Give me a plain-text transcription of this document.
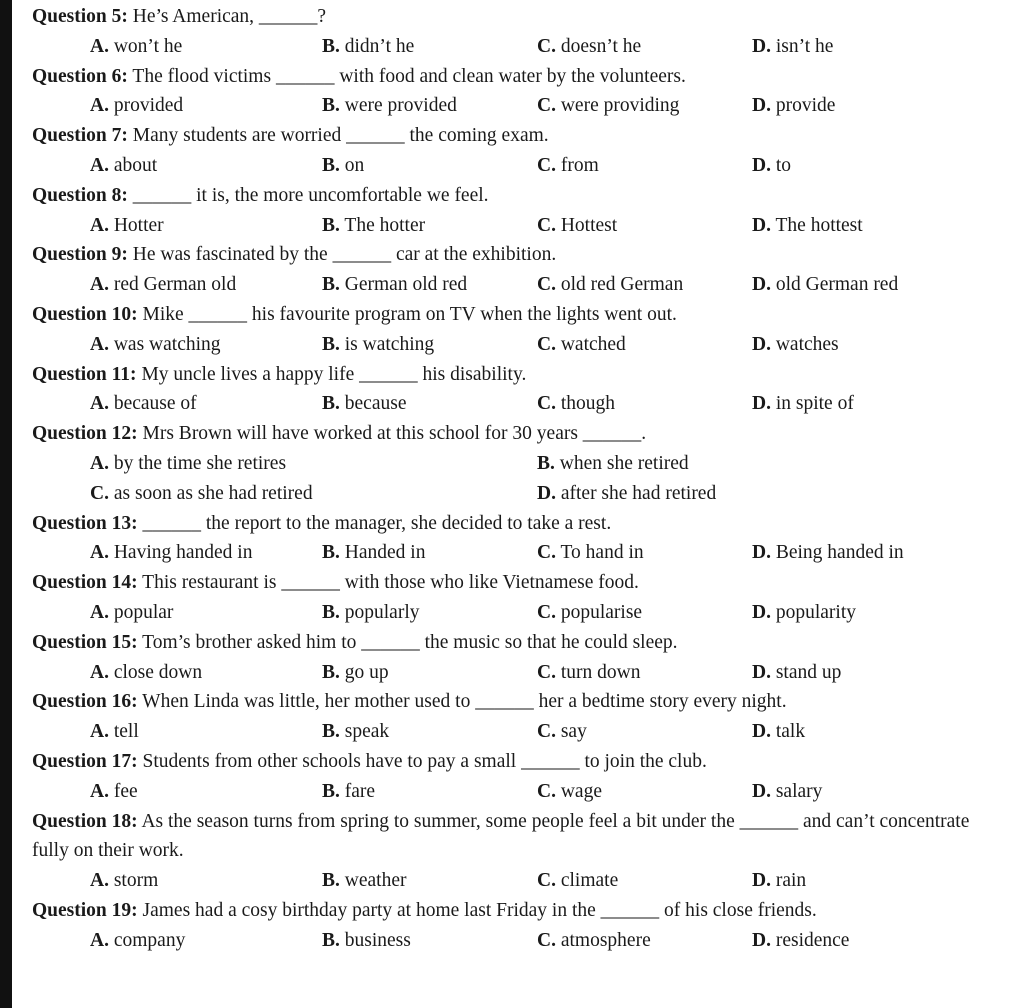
Question 5: He’s American, ______?
A. won’t he	B. didn’t he	C. doesn’t he	D. isn’t he
Question 6: The flood victims ______ with food and clean water by the volunteers.
A. provided	B. were provided	C. were providing	D. provide
Question 7: Many students are worried ______ the coming exam.
A. about	B. on	C. from	D. to
Question 8: ______ it is, the more uncomfortable we feel.
A. Hotter	B. The hotter	C. Hottest	D. The hottest
Question 9: He was fascinated by the ______ car at the exhibition.
A. red German old	B. German old red	C. old red German	D. old German red
Question 10: Mike ______ his favourite program on TV when the lights went out.
A. was watching	B. is watching	C. watched	D. watches
Question 11: My uncle lives a happy life ______ his disability.
A. because of	B. because	C. though	D. in spite of
Question 12: Mrs Brown will have worked at this school for 30 years ______.
A. by the time she retires	B. when she retired
C. as soon as she had retired	D. after she had retired
Question 13: ______ the report to the manager, she decided to take a rest.
A. Having handed in	B. Handed in	C. To hand in	D. Being handed in
Question 14: This restaurant is ______ with those who like Vietnamese food.
A. popular	B. popularly	C. popularise	D. popularity
Question 15: Tom’s brother asked him to ______ the music so that he could sleep.
A. close down	B. go up	C. turn down	D. stand up
Question 16: When Linda was little, her mother used to ______ her a bedtime story every night.
A. tell	B. speak	C. say	D. talk
Question 17: Students from other schools have to pay a small ______ to join the club.
A. fee	B. fare	C. wage	D. salary
Question 18: As the season turns from spring to summer, some people feel a bit under the ______ and can’t concentrate fully on their work.
A. storm	B. weather	C. climate	D. rain
Question 19: James had a cosy birthday party at home last Friday in the ______ of his close friends.
A. company	B. business	C. atmosphere	D. residence
